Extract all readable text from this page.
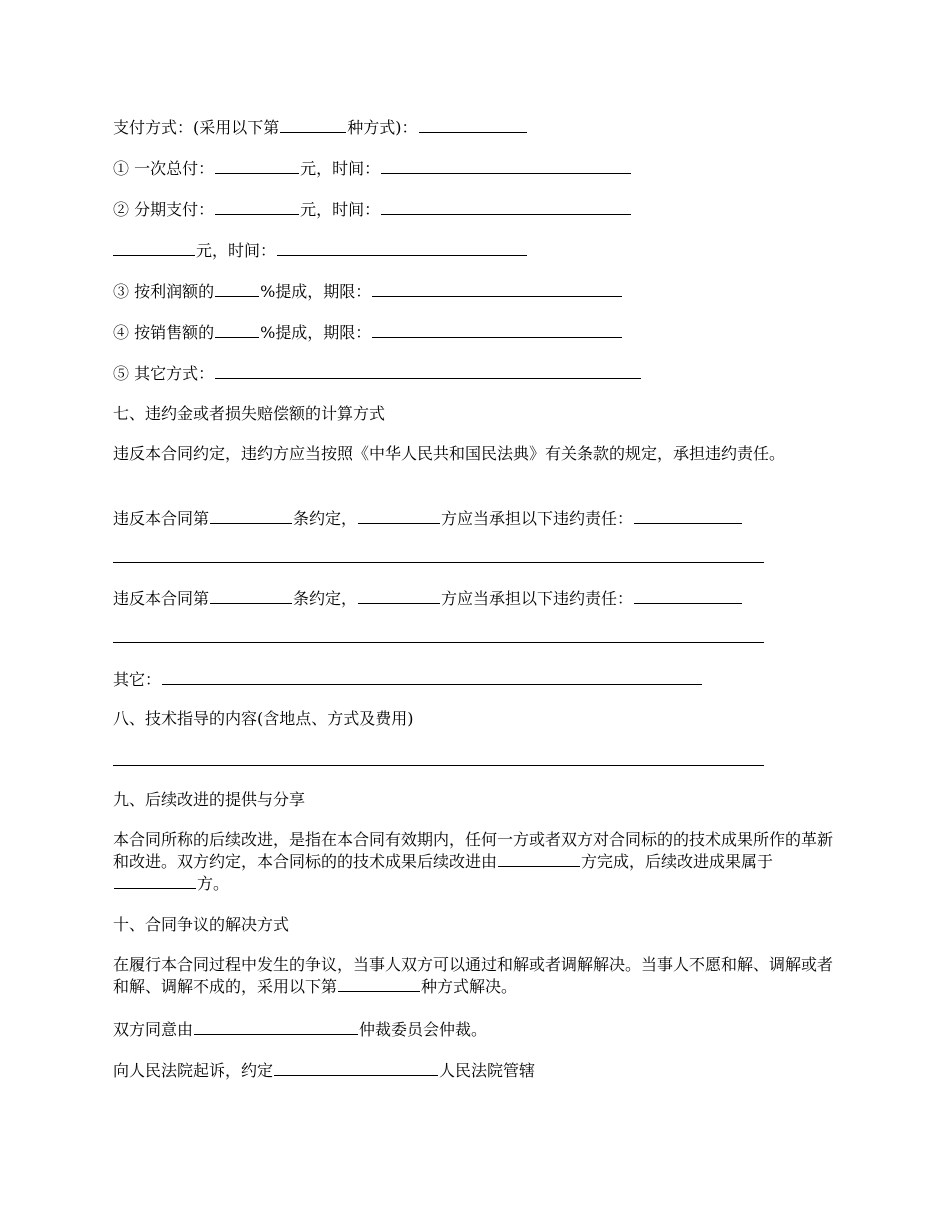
支付方式：(采用以下第	种方式)：
① 一次总付：	元，时间：
② 分期支付：	元，时间：
元，时间：
③ 按利润额的	%提成，期限：
④ 按销售额的	%提成，期限：
⑤ 其它方式：
七、违约金或者损失赔偿额的计算方式
违反本合同约定，违约方应当按照《中华人民共和国民法典》有关条款的规定，承担违约责任。
违反本合同第	条约定，	方应当承担以下违约责任：
违反本合同第	条约定，	方应当承担以下违约责任：
其它：
八、技术指导的内容(含地点、方式及费用)
九、后续改进的提供与分享
本合同所称的后续改进，是指在本合同有效期内，任何一方或者双方对合同标的的技术成果所作的革新和改进。双方约定，本合同标的的技术成果后续改进由	方完成，后续改进成果属于方。
十、合同争议的解决方式
在履行本合同过程中发生的争议，当事人双方可以通过和解或者调解解决。当事人不愿和解、调解或者和解、调解不成的，采用以下第	种方式解决。
双方同意由	仲裁委员会仲裁。
向人民法院起诉，约定	人民法院管辖
